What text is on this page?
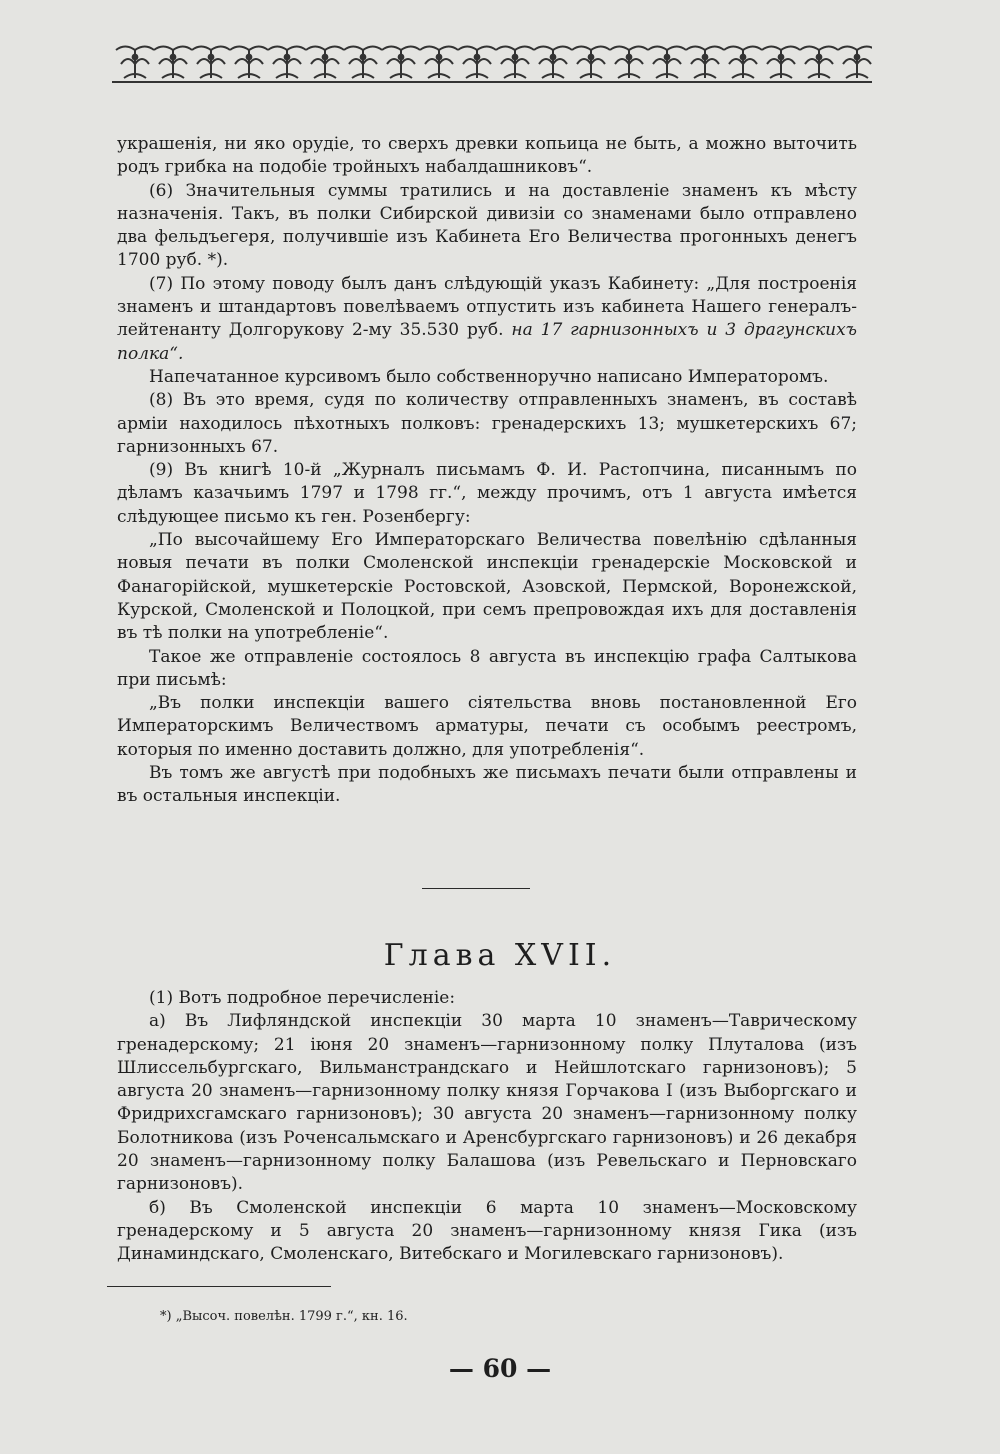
украшенія, ни яко орудіе, то сверхъ древки копьица не быть, а можно выточить родъ грибка на подобіе тройныхъ набалдашниковъ“.

(6) Значительныя суммы тратились и на доставленіе знаменъ къ мѣсту назначенія. Такъ, въ полки Сибирской дивизіи со знаменами было отправлено два фельдъегеря, получившіе изъ Кабинета Его Величества прогонныхъ денегъ 1700 руб. *).

(7) По этому поводу былъ данъ слѣдующій указъ Кабинету: „Для построенія знаменъ и штандартовъ повелѣваемъ отпустить изъ кабинета Нашего генералъ-лейтенанту Долгорукову 2-му 35.530 руб. на 17 гарнизонныхъ и 3 драгунскихъ полка“.

Напечатанное курсивомъ было собственноручно написано Императоромъ.

(8) Въ это время, судя по количеству отправленныхъ знаменъ, въ составѣ арміи находилось пѣхотныхъ полковъ: гренадерскихъ 13; мушкетерскихъ 67; гарнизонныхъ 67.

(9) Въ книгѣ 10-й „Журналъ письмамъ Ф. И. Растопчина, писаннымъ по дѣламъ казачьимъ 1797 и 1798 гг.“, между прочимъ, отъ 1 августа имѣется слѣдующее письмо къ ген. Розенбергу:

„По высочайшему Его Императорскаго Величества повелѣнію сдѣланныя новыя печати въ полки Смоленской инспекціи гренадерскіе Московской и Фанагорійской, мушкетерскіе Ростовской, Азовской, Пермской, Воронежской, Курской, Смоленской и Полоцкой, при семъ препровождая ихъ для доставленія въ тѣ полки на употребленіе“.

Такое же отправленіе состоялось 8 августа въ инспекцію графа Салтыкова при письмѣ:

„Въ полки инспекціи вашего сіятельства вновь постановленной Его Императорскимъ Величествомъ арматуры, печати съ особымъ реестромъ, которыя по именно доставить должно, для употребленія“.

Въ томъ же августѣ при подобныхъ же письмахъ печати были отправлены и въ остальныя инспекціи.

Глава XVII.

(1) Вотъ подробное перечисленіе:

а) Въ Лифляндской инспекціи 30 марта 10 знаменъ—Таврическому гренадерскому; 21 іюня 20 знаменъ—гарнизонному полку Плуталова (изъ Шлиссельбургскаго, Вильманстрандскаго и Нейшлотскаго гарнизоновъ); 5 августа 20 знаменъ—гарнизонному полку князя Горчакова I (изъ Выборгскаго и Фридрихсгамскаго гарнизоновъ); 30 августа 20 знаменъ—гарнизонному полку Болотникова (изъ Роченсальмскаго и Аренсбургскаго гарнизоновъ) и 26 декабря 20 знаменъ—гарнизонному полку Балашова (изъ Ревельскаго и Перновскаго гарнизоновъ).

б) Въ Смоленской инспекціи 6 марта 10 знаменъ—Московскому гренадерскому и 5 августа 20 знаменъ—гарнизонному князя Гика (изъ Динаминдскаго, Смоленскаго, Витебскаго и Могилевскаго гарнизоновъ).

*) „Высоч. повелѣн. 1799 г.“, кн. 16.
— 60 —
